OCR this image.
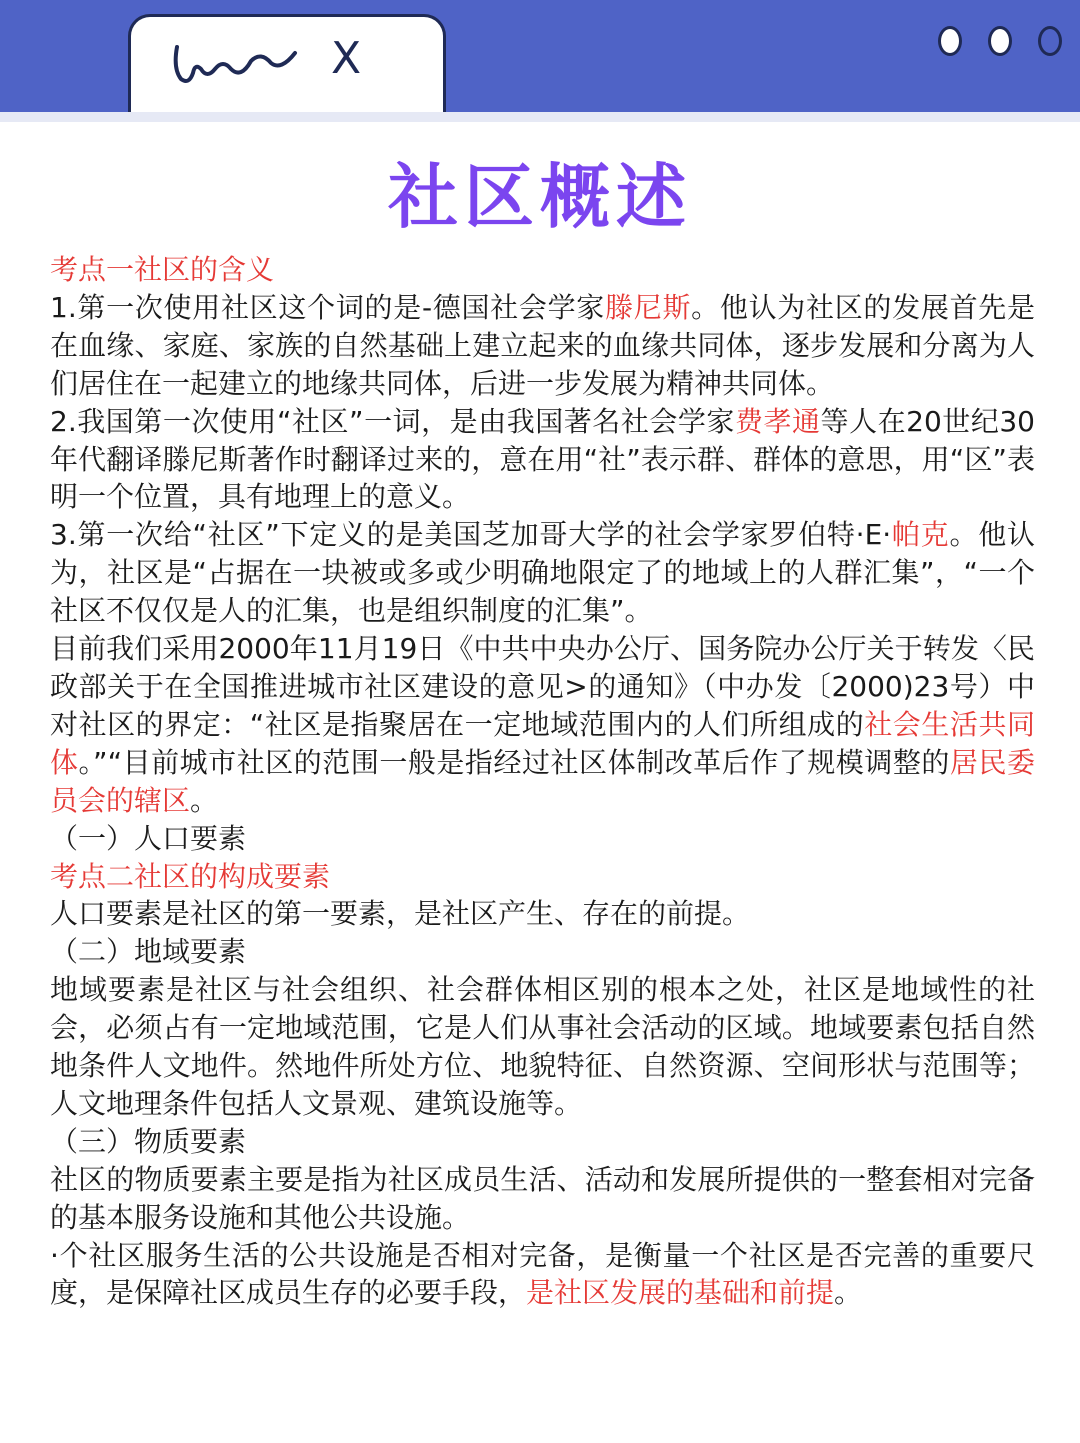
X
社区概述

考点一社区的含义

1.第一次使用社区这个词的是-德国社会学家滕尼斯。他认为社区的发展首先是在血缘、家庭、家族的自然基础上建立起来的血缘共同体，逐步发展和分离为人们居住在一起建立的地缘共同体，后进一步发展为精神共同体。

2.我国第一次使用“社区”一词，是由我国著名社会学家费孝通等人在20世纪30年代翻译滕尼斯著作时翻译过来的，意在用“社”表示群、群体的意思，用“区”表明一个位置，具有地理上的意义。

3.第一次给“社区”下定义的是美国芝加哥大学的社会学家罗伯特·E·帕克。他认为，社区是“占据在一块被或多或少明确地限定了的地域上的人群汇集”，“一个社区不仅仅是人的汇集，也是组织制度的汇集”。

目前我们采用2000年11月19日《中共中央办公厅、国务院办公厅关于转发〈民政部关于在全国推进城市社区建设的意见>的通知》（中办发〔2000)23号）中对社区的界定：“社区是指聚居在一定地域范围内的人们所组成的社会生活共同体。”“目前城市社区的范围一般是指经过社区体制改革后作了规模调整的居民委员会的辖区。

（一）人口要素

考点二社区的构成要素

人口要素是社区的第一要素，是社区产生、存在的前提。

（二）地域要素

地域要素是社区与社会组织、社会群体相区别的根本之处，社区是地域性的社会，必须占有一定地域范围，它是人们从事社会活动的区域。地域要素包括自然地条件人文地件。然地件所处方位、地貌特征、自然资源、空间形状与范围等；人文地理条件包括人文景观、建筑设施等。

（三）物质要素

社区的物质要素主要是指为社区成员生活、活动和发展所提供的一整套相对完备的基本服务设施和其他公共设施。

·个社区服务生活的公共设施是否相对完备，是衡量一个社区是否完善的重要尺度，是保障社区成员生存的必要手段，是社区发展的基础和前提。
